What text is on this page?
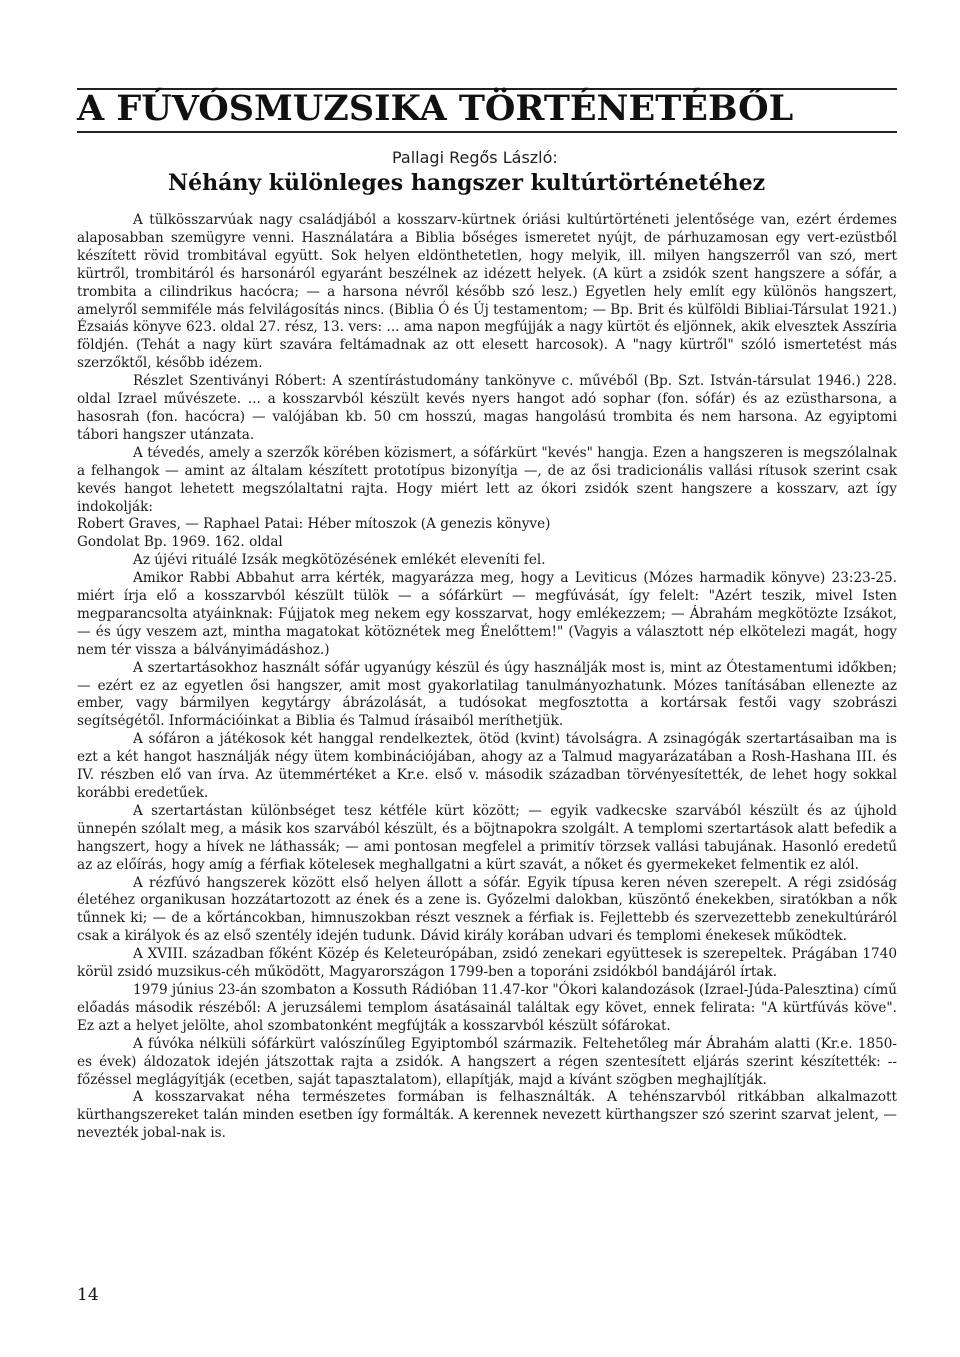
A FÚVÓSMUZSIKA TÖRTÉNETÉBŐL
Pallagi Regős László:
Néhány különleges hangszer kultúrtörténetéhez

A tülkösszarvúak nagy családjából a kosszarv-kürtnek óriási kultúrtörténeti jelentősége van, ezért érdemes alaposabban szemügyre venni. Használatára a Biblia bőséges ismeretet nyújt, de párhuzamosan egy vert-ezüstből készített rövid trombitával együtt. Sok helyen eldönthetetlen, hogy melyik, ill. milyen hangszerről van szó, mert kürtről, trombitáról és harsonáról egyaránt beszélnek az idézett helyek. (A kürt a zsidók szent hangszere a sófár, a trombita a cilindrikus hacócra; — a harsona névről később szó lesz.) Egyetlen hely említ egy különös hangszert, amelyről semmiféle más felvilágosítás nincs. (Biblia Ó és Új testamentom; — Bp. Brit és külföldi Bibliai-Társulat 1921.) Ézsaiás könyve 623. oldal 27. rész, 13. vers: ... ama napon megfújják a nagy kürtöt és eljönnek, akik elvesztek Asszíria földjén. (Tehát a nagy kürt szavára feltámadnak az ott elesett harcosok). A "nagy kürtről" szóló ismertetést más szerzőktől, később idézem.

Részlet Szentiványi Róbert: A szentírástudomány tankönyve c. művéből (Bp. Szt. István-társulat 1946.) 228. oldal Izrael művészete. ... a kosszarvból készült kevés nyers hangot adó sophar (fon. sófár) és az ezüstharsona, a hasosrah (fon. hacócra) — valójában kb. 50 cm hosszú, magas hangolású trombita és nem harsona. Az egyiptomi tábori hangszer utánzata.

A tévedés, amely a szerzők körében közismert, a sófárkürt "kevés" hangja. Ezen a hangszeren is megszólalnak a felhangok — amint az általam készített prototípus bizonyítja —, de az ősi tradicionális vallási rítusok szerint csak kevés hangot lehetett megszólaltatni rajta. Hogy miért lett az ókori zsidók szent hangszere a kosszarv, azt így indokolják:

Robert Graves, — Raphael Patai: Héber mítoszok (A genezis könyve)

Gondolat Bp. 1969. 162. oldal

Az újévi rituálé Izsák megkötözésének emlékét eleveníti fel.

Amikor Rabbi Abbahut arra kérték, magyarázza meg, hogy a Leviticus (Mózes harmadik könyve) 23:23-25. miért írja elő a kosszarvból készült tülök — a sófárkürt — megfúvását, így felelt: "Azért teszik, mivel Isten megparancsolta atyáinknak: Fújjatok meg nekem egy kosszarvat, hogy emlékezzem; — Ábrahám megkötözte Izsákot, — és úgy veszem azt, mintha magatokat kötöznétek meg Énelőttem!" (Vagyis a választott nép elkötelezi magát, hogy nem tér vissza a bálványimádáshoz.)

A szertartásokhoz használt sófár ugyanúgy készül és úgy használják most is, mint az Ótestamentumi időkben; — ezért ez az egyetlen ősi hangszer, amit most gyakorlatilag tanulmányozhatunk. Mózes tanításában ellenezte az ember, vagy bármilyen kegytárgy ábrázolását, a tudósokat megfosztotta a kortársak festői vagy szobrászi segítségétől. Információinkat a Biblia és Talmud írásaiból meríthetjük.

A sófáron a játékosok két hanggal rendelkeztek, ötöd (kvint) távolságra. A zsinagógák szertartásaiban ma is ezt a két hangot használják négy ütem kombinációjában, ahogy az a Talmud magyarázatában a Rosh-Hashana III. és IV. részben elő van írva. Az ütemmértéket a Kr.e. első v. második században törvényesítették, de lehet hogy sokkal korábbi eredetűek.

A szertartástan különbséget tesz kétféle kürt között; — egyik vadkecske szarvából készült és az újhold ünnepén szólalt meg, a másik kos szarvából készült, és a böjtnapokra szolgált. A templomi szertartások alatt befedik a hangszert, hogy a hívek ne láthassák; — ami pontosan megfelel a primitív törzsek vallási tabujának. Hasonló eredetű az az előírás, hogy amíg a férfiak kötelesek meghallgatni a kürt szavát, a nőket és gyermekeket felmentik ez alól.

A rézfúvó hangszerek között első helyen állott a sófár. Egyik típusa keren néven szerepelt. A régi zsidóság életéhez organikusan hozzátartozott az ének és a zene is. Győzelmi dalokban, küszöntő énekekben, siratókban a nők tűnnek ki; — de a kőrtáncokban, himnuszokban részt vesznek a férfiak is. Fejlettebb és szervezettebb zenekultúráról csak a királyok és az első szentély idején tudunk. Dávid király korában udvari és templomi énekesek működtek.

A XVIII. században főként Közép és Keleteurópában, zsidó zenekari együttesek is szerepeltek. Prágában 1740 körül zsidó muzsikus-céh működött, Magyarországon 1799-ben a toporáni zsidókból bandájáról írtak.

1979 június 23-án szombaton a Kossuth Rádióban 11.47-kor "Ókori kalandozások (Izrael-Júda-Palesztina) című előadás második részéből: A jeruzsálemi templom ásatásainál találtak egy követ, ennek felirata: "A kürtfúvás köve". Ez azt a helyet jelölte, ahol szombatonként megfújták a kosszarvból készült sófárokat.

A fúvóka nélküli sófárkürt valószínűleg Egyiptomból származik. Feltehetőleg már Ábrahám alatti (Kr.e. 1850-es évek) áldozatok idején játszottak rajta a zsidók. A hangszert a régen szentesített eljárás szerint készítették: -- főzéssel meglágyítják (ecetben, saját tapasztalatom), ellapítják, majd a kívánt szögben meghajlítják.

A kosszarvakat néha természetes formában is felhasználták. A tehénszarvból ritkábban alkalmazott kürthangszereket talán minden esetben így formálták. A kerennek nevezett kürthangszer szó szerint szarvat jelent, — nevezték jobal-nak is.

14
